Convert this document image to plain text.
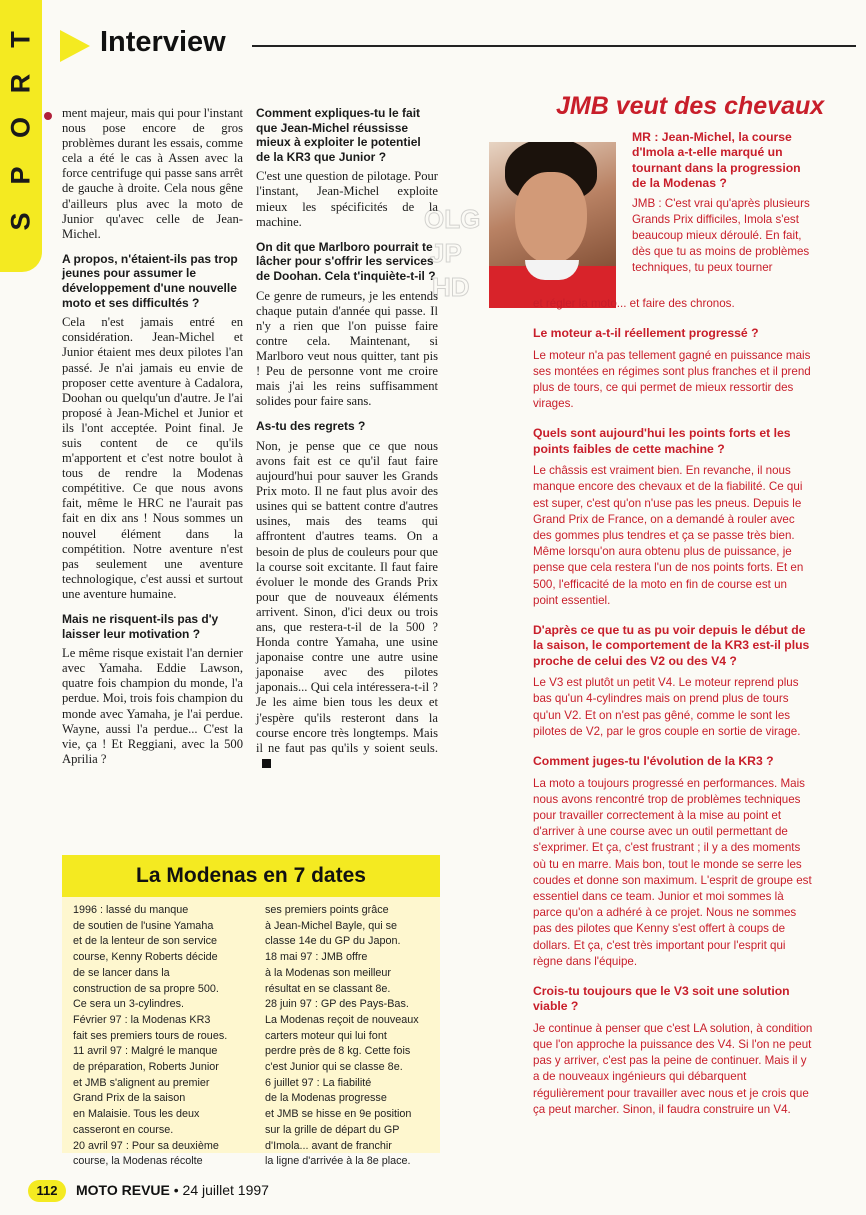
T
R
O
P
S
Interview

ment majeur, mais qui pour l'instant nous pose encore de gros problèmes durant les essais, comme cela a été le cas à Assen avec la force centrifuge qui passe sans arrêt de gauche à droite. Cela nous gêne d'ailleurs plus avec la moto de Junior qu'avec celle de Jean-Michel.

A propos, n'étaient-ils pas trop jeunes pour assumer le développement d'une nouvelle moto et ses difficultés ?

Cela n'est jamais entré en considération. Jean-Michel et Junior étaient mes deux pilotes l'an passé. Je n'ai jamais eu envie de proposer cette aventure à Cadalora, Doohan ou quelqu'un d'autre. Je l'ai proposé à Jean-Michel et Junior et ils l'ont acceptée. Point final. Je suis content de ce qu'ils m'apportent et c'est notre boulot à tous de rendre la Modenas compétitive. Ce que nous avons fait, même le HRC ne l'aurait pas fait en dix ans ! Nous sommes un nouvel élément dans la compétition. Notre aventure n'est pas seulement une aventure technologique, c'est aussi et surtout une aventure humaine.

Mais ne risquent-ils pas d'y laisser leur motivation ?

Le même risque existait l'an dernier avec Yamaha. Eddie Lawson, quatre fois champion du monde, l'a perdue. Moi, trois fois champion du monde avec Yamaha, je l'ai perdue. Wayne, aussi l'a perdue... C'est la vie, ça ! Et Reggiani, avec la 500 Aprilia ?

Comment expliques-tu le fait que Jean-Michel réussisse mieux à exploiter le potentiel de la KR3 que Junior ?

C'est une question de pilotage. Pour l'instant, Jean-Michel exploite mieux les spécificités de la machine.

On dit que Marlboro pourrait te lâcher pour s'offrir les services de Doohan. Cela t'inquiète-t-il ?

Ce genre de rumeurs, je les entends chaque putain d'année qui passe. Il n'y a rien que l'on puisse faire contre cela. Maintenant, si Marlboro veut nous quitter, tant pis ! Peu de personne vont me croire mais j'ai les reins suffisamment solides pour faire sans.

As-tu des regrets ?

Non, je pense que ce que nous avons fait est ce qu'il faut faire aujourd'hui pour sauver les Grands Prix moto. Il ne faut plus avoir des usines qui se battent contre d'autres usines, mais des teams qui affrontent d'autres teams. On a besoin de plus de couleurs pour que la course soit excitante. Il faut faire évoluer le monde des Grands Prix pour que de nouveaux éléments arrivent. Sinon, d'ici deux ou trois ans, que restera-t-il de la 500 ? Honda contre Yamaha, une usine japonaise contre une autre usine japonaise avec des pilotes japonais... Qui cela intéressera-t-il ? Je les aime bien tous les deux et j'espère qu'ils resteront dans la course encore très longtemps. Mais il ne faut pas qu'ils y soient seuls.

OLG
JP
HD
La Modenas en 7 dates
1996 : lassé du manque
de soutien de l'usine Yamaha
et de la lenteur de son service
course, Kenny Roberts décide
de se lancer dans la
construction de sa propre 500.
Ce sera un 3-cylindres.
Février 97 : la Modenas KR3
fait ses premiers tours de roues.
11 avril 97 : Malgré le manque
de préparation, Roberts Junior
et JMB s'alignent au premier
Grand Prix de la saison
en Malaisie. Tous les deux
casseront en course.
20 avril 97 : Pour sa deuxième
course, la Modenas récolte
ses premiers points grâce
à Jean-Michel Bayle, qui se
classe 14e du GP du Japon.
18 mai 97 : JMB offre
à la Modenas son meilleur
résultat en se classant 8e.
28 juin 97 : GP des Pays-Bas.
La Modenas reçoit de nouveaux
carters moteur qui lui font
perdre près de 8 kg. Cette fois
c'est Junior qui se classe 8e.
6 juillet 97 : La fiabilité
de la Modenas progresse
et JMB se hisse en 9e position
sur la grille de départ du GP
d'Imola... avant de franchir
la ligne d'arrivée à la 8e place.
JMB veut des chevaux
MR : Jean-Michel, la course d'Imola a-t-elle marqué un tournant dans la progression de la Modenas ?

JMB : C'est vrai qu'après plusieurs Grands Prix difficiles, Imola s'est beaucoup mieux déroulé. En fait, dès que tu as moins de problèmes techniques, tu peux tourner

et régler la moto... et faire des chronos.

Le moteur a-t-il réellement progressé ?

Le moteur n'a pas tellement gagné en puissance mais ses montées en régimes sont plus franches et il prend plus de tours, ce qui permet de mieux ressortir des virages.

Quels sont aujourd'hui les points forts et les points faibles de cette machine ?

Le châssis est vraiment bien. En revanche, il nous manque encore des chevaux et de la fiabilité. Ce qui est super, c'est qu'on n'use pas les pneus. Depuis le Grand Prix de France, on a demandé à rouler avec des gommes plus tendres et ça se passe très bien. Même lorsqu'on aura obtenu plus de puissance, je pense que cela restera l'un de nos points forts. Et en 500, l'efficacité de la moto en fin de course est un point essentiel.

D'après ce que tu as pu voir depuis le début de la saison, le comportement de la KR3 est-il plus proche de celui des V2 ou des V4 ?

Le V3 est plutôt un petit V4. Le moteur reprend plus bas qu'un 4-cylindres mais on prend plus de tours qu'un V2. Et on n'est pas gêné, comme le sont les pilotes de V2, par le gros couple en sortie de virage.

Comment juges-tu l'évolution de la KR3 ?

La moto a toujours progressé en performances. Mais nous avons rencontré trop de problèmes techniques pour travailler correctement à la mise au point et d'arriver à une course avec un outil permettant de s'exprimer. Et ça, c'est frustrant ; il y a des moments où tu en marre. Mais bon, tout le monde se serre les coudes et donne son maximum. L'esprit de groupe est essentiel dans ce team. Junior et moi sommes là parce qu'on a adhéré à ce projet. Nous ne sommes pas des pilotes que Kenny s'est offert à coups de dollars. Et ça, c'est très important pour l'esprit qui règne dans l'équipe.

Crois-tu toujours que le V3 soit une solution viable ?

Je continue à penser que c'est LA solution, à condition que l'on approche la puissance des V4. Si l'on ne peut pas y arriver, c'est pas la peine de continuer. Mais il y a de nouveaux ingénieurs qui débarquent régulièrement pour travailler avec nous et je crois que ça peut marcher. Sinon, il faudra construire un V4.

112	MOTO REVUE • 24 juillet 1997
